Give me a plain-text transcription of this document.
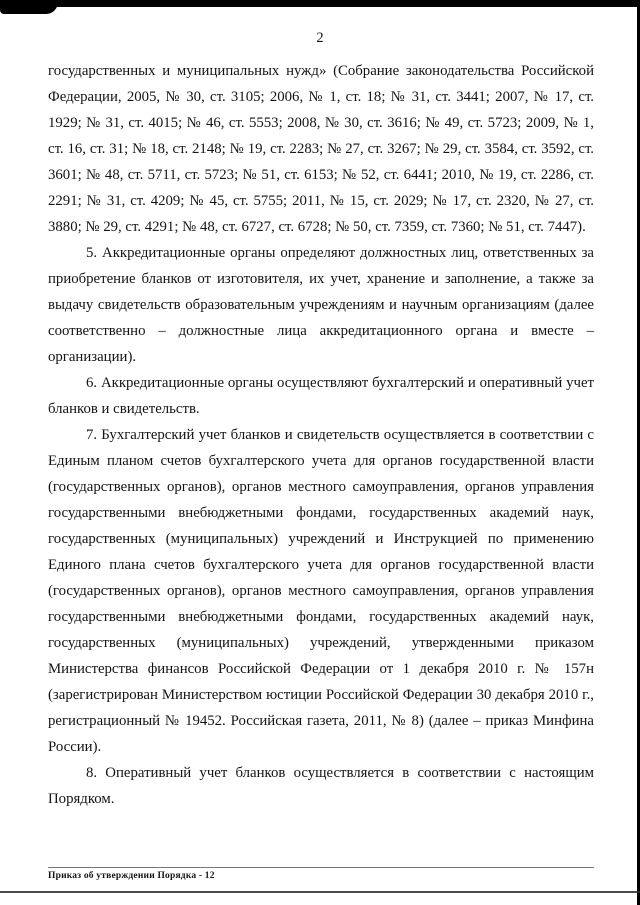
2

государственных и муниципальных нужд» (Собрание законодательства Российской Федерации, 2005, № 30, ст. 3105; 2006, № 1, ст. 18; № 31, ст. 3441; 2007, № 17, ст. 1929; № 31, ст. 4015; № 46, ст. 5553; 2008, № 30, ст. 3616; № 49, ст. 5723; 2009, № 1, ст. 16, ст. 31; № 18, ст. 2148; № 19, ст. 2283; № 27, ст. 3267; № 29, ст. 3584, ст. 3592, ст. 3601; № 48, ст. 5711, ст. 5723; № 51, ст. 6153; № 52, ст. 6441; 2010, № 19, ст. 2286, ст. 2291; № 31, ст. 4209; № 45, ст. 5755; 2011, № 15, ст. 2029; № 17, ст. 2320, № 27, ст. 3880; № 29, ст. 4291; № 48, ст. 6727, ст. 6728; № 50, ст. 7359, ст. 7360; № 51, ст. 7447).

5. Аккредитационные органы определяют должностных лиц, ответственных за приобретение бланков от изготовителя, их учет, хранение и заполнение, а также за выдачу свидетельств образовательным учреждениям и научным организациям (далее соответственно – должностные лица аккредитационного органа и вместе – организации).

6. Аккредитационные органы осуществляют бухгалтерский и оперативный учет бланков и свидетельств.

7. Бухгалтерский учет бланков и свидетельств осуществляется в соответствии с Единым планом счетов бухгалтерского учета для органов государственной власти (государственных органов), органов местного самоуправления, органов управления государственными внебюджетными фондами, государственных академий наук, государственных (муниципальных) учреждений и Инструкцией по применению Единого плана счетов бухгалтерского учета для органов государственной власти (государственных органов), органов местного самоуправления, органов управления государственными внебюджетными фондами, государственных академий наук, государственных (муниципальных) учреждений, утвержденными приказом Министерства финансов Российской Федерации от 1 декабря 2010 г. № 157н (зарегистрирован Министерством юстиции Российской Федерации 30 декабря 2010 г., регистрационный № 19452. Российская газета, 2011, № 8) (далее – приказ Минфина России).

8. Оперативный учет бланков осуществляется в соответствии с настоящим Порядком.

Приказ об утверждении Порядка - 12
